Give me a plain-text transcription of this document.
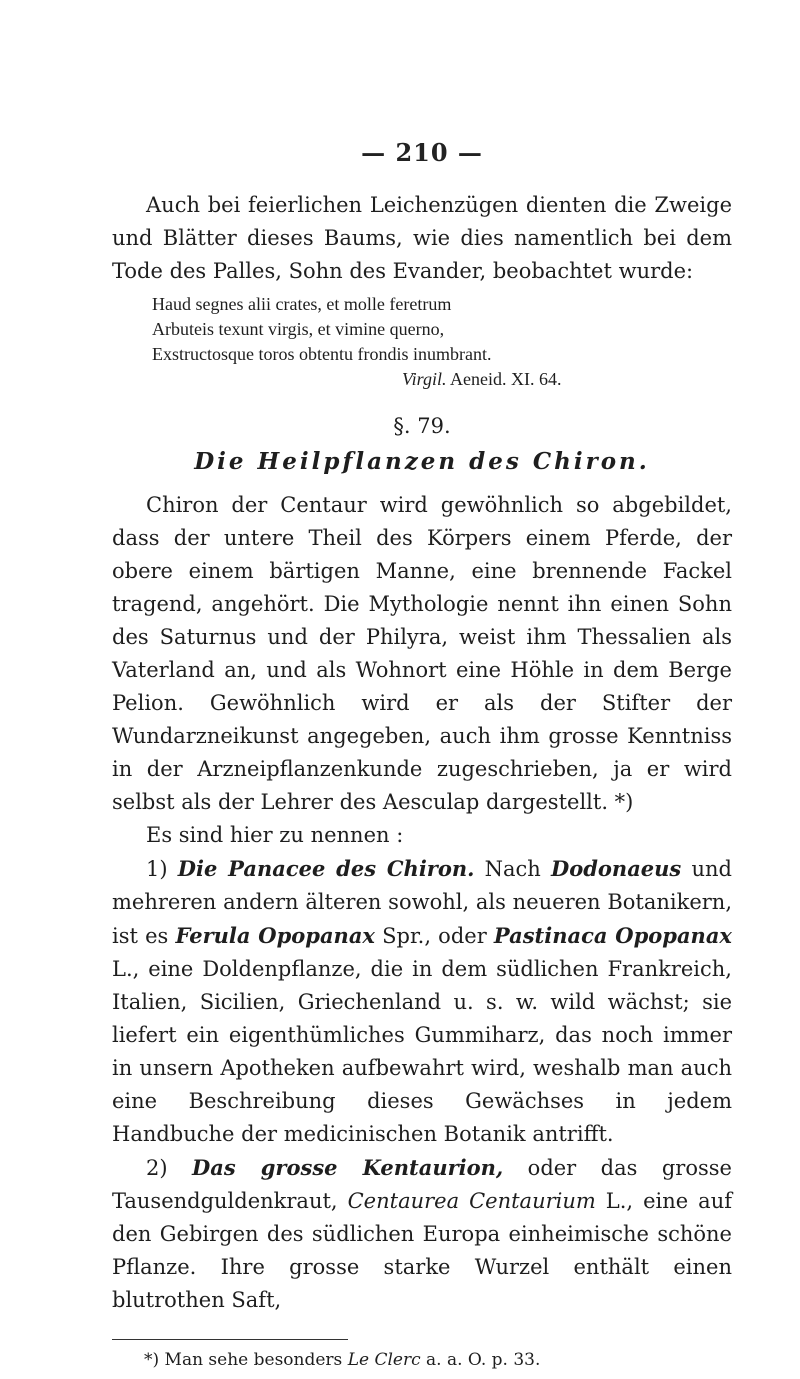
— 210 —

Auch bei feierlichen Leichenzügen dienten die Zweige und Blätter dieses Baums, wie dies namentlich bei dem Tode des Palles, Sohn des Evander, beobachtet wurde:

Haud segnes alii crates, et molle feretrum
Arbuteis texunt virgis, et vimine querno,
Exstructosque toros obtentu frondis inumbrant.
Virgil. Aeneid. XI. 64.
§. 79.
Die Heilpflanzen des Chiron.

Chiron der Centaur wird gewöhnlich so abgebildet, dass der untere Theil des Körpers einem Pferde, der obere einem bärtigen Manne, eine brennende Fackel tragend, angehört. Die Mythologie nennt ihn einen Sohn des Saturnus und der Philyra, weist ihm Thessalien als Vaterland an, und als Wohnort eine Höhle in dem Berge Pelion. Gewöhnlich wird er als der Stifter der Wundarzneikunst angegeben, auch ihm grosse Kenntniss in der Arzneipflanzenkunde zugeschrieben, ja er wird selbst als der Lehrer des Aesculap dargestellt. *)

Es sind hier zu nennen :

1) Die Panacee des Chiron. Nach Dodonaeus und mehreren andern älteren sowohl, als neueren Botanikern, ist es Ferula Opopanax Spr., oder Pastinaca Opopanax L., eine Doldenpflanze, die in dem südlichen Frankreich, Italien, Sicilien, Griechenland u. s. w. wild wächst; sie liefert ein eigenthümliches Gummiharz, das noch immer in unsern Apotheken aufbewahrt wird, weshalb man auch eine Beschreibung dieses Gewächses in jedem Handbuche der medicinischen Botanik antrifft.

2) Das grosse Kentaurion, oder das grosse Tausendguldenkraut, Centaurea Centaurium L., eine auf den Gebirgen des südlichen Europa einheimische schöne Pflanze. Ihre grosse starke Wurzel enthält einen blutrothen Saft,

*) Man sehe besonders Le Clerc a. a. O. p. 33.
